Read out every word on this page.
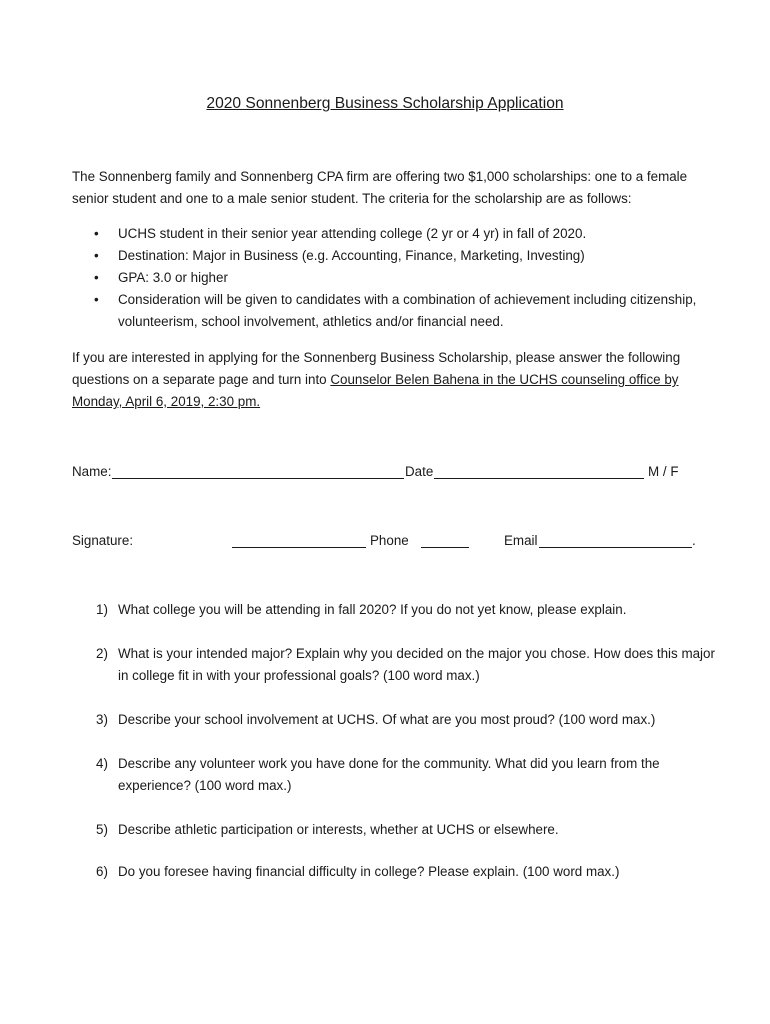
2020 Sonnenberg Business Scholarship Application

The Sonnenberg family and Sonnenberg CPA firm are offering two $1,000 scholarships: one to a female senior student and one to a male senior student. The criteria for the scholarship are as follows:

• UCHS student in their senior year attending college (2 yr or 4 yr) in fall of 2020.
• Destination: Major in Business (e.g. Accounting, Finance, Marketing, Investing)
• GPA: 3.0 or higher
• Consideration will be given to candidates with a combination of achievement including citizenship, volunteerism, school involvement, athletics and/or financial need.

If you are interested in applying for the Sonnenberg Business Scholarship, please answer the following questions on a separate page and turn into Counselor Belen Bahena in the UCHS counseling office by Monday, April 6, 2019, 2:30 pm.

Name:	Date	M / F
Signature:	Phone	Email	.
1) What college you will be attending in fall 2020? If you do not yet know, please explain.
2) What is your intended major? Explain why you decided on the major you chose. How does this major in college fit in with your professional goals? (100 word max.)
3) Describe your school involvement at UCHS. Of what are you most proud? (100 word max.)
4) Describe any volunteer work you have done for the community. What did you learn from the experience? (100 word max.)
5) Describe athletic participation or interests, whether at UCHS or elsewhere.
6) Do you foresee having financial difficulty in college? Please explain. (100 word max.)
